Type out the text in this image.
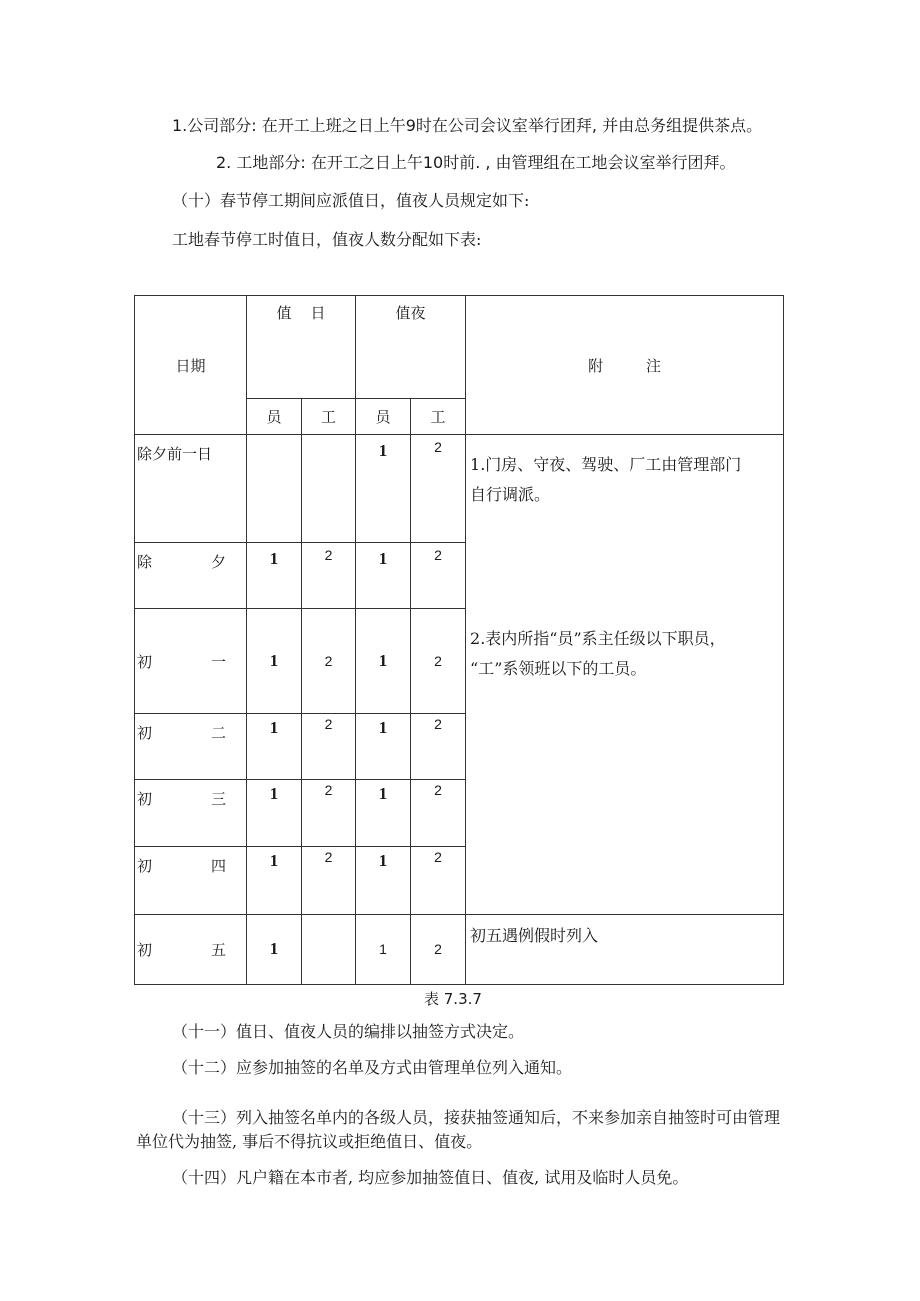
1.公司部分: 在开工上班之日上午9时在公司会议室举行团拜, 并由总务组提供茶点。
2. 工地部分: 在开工之日上午10时前. , 由管理组在工地会议室举行团拜。
（十）春节停工期间应派值日，值夜人员规定如下:
工地春节停工时值日，值夜人数分配如下表:
日期	值    日		值夜		附         注
	员	工	员	工	
除夕前一日			1	2	1.门房、守夜、驾驶、厂工由管理部门
自行调派。
2.表内所指“员”系主任级以下职员，
“工”系领班以下的工员。

除 夕	1	2	1	2	

初 一	1	2	1	2	

初 二	1	2	1	2	

初 三	1	2	1	2	

初 四	1	2	1	2	

初 五	1		1	2	初五遇例假时列入
表 7.3.7
（十一）值日、值夜人员的编排以抽签方式决定。
（十二）应参加抽签的名单及方式由管理单位列入通知。
（十三）列入抽签名单内的各级人员，接获抽签通知后，不来参加亲自抽签时可由管理单位代为抽签, 事后不得抗议或拒绝值日、值夜。
（十四）凡户籍在本市者, 均应参加抽签值日、值夜, 试用及临时人员免。
